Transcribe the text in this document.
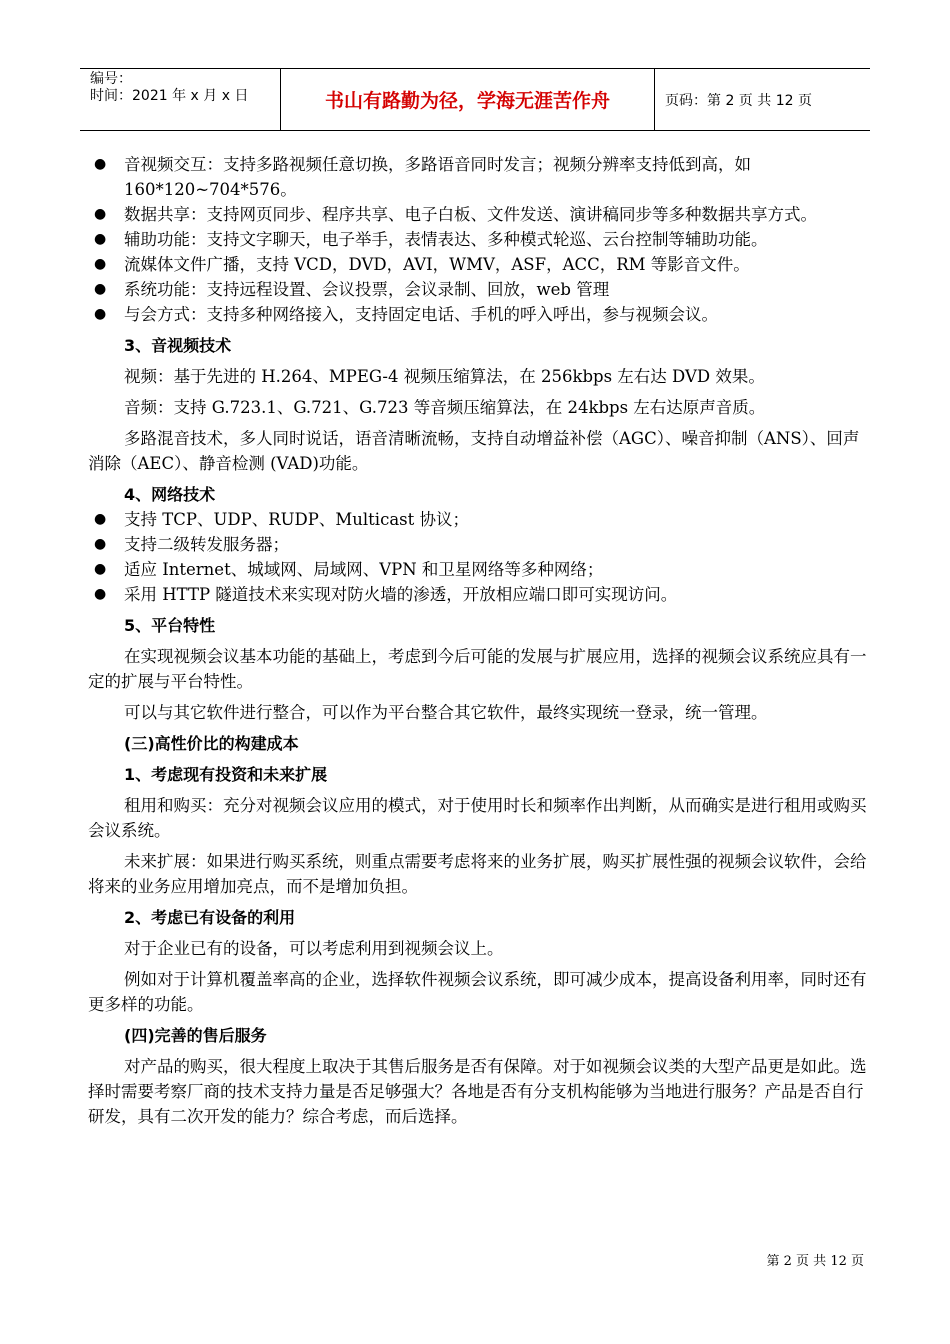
编号：
时间：2021 年 x 月 x 日	书山有路勤为径，学海无涯苦作舟	页码：第 2 页 共 12 页
● 音视频交互：支持多路视频任意切换，多路语音同时发言；视频分辨率支持低到高，如160*120~704*576。
● 数据共享：支持网页同步、程序共享、电子白板、文件发送、演讲稿同步等多种数据共享方式。
● 辅助功能：支持文字聊天，电子举手，表情表达、多种模式轮巡、云台控制等辅助功能。
● 流媒体文件广播，支持 VCD，DVD，AVI，WMV，ASF，ACC，RM 等影音文件。
● 系统功能：支持远程设置、会议投票，会议录制、回放，web 管理
● 与会方式：支持多种网络接入，支持固定电话、手机的呼入呼出，参与视频会议。
3、音视频技术

视频：基于先进的 H.264、MPEG-4 视频压缩算法，在 256kbps 左右达 DVD 效果。

音频：支持 G.723.1、G.721、G.723 等音频压缩算法，在 24kbps 左右达原声音质。

多路混音技术，多人同时说话，语音清晰流畅，支持自动增益补偿（AGC）、噪音抑制（ANS）、回声消除（AEC）、静音检测 (VAD)功能。

4、网络技术
● 支持 TCP、UDP、RUDP、Multicast 协议；
● 支持二级转发服务器；
● 适应 Internet、城域网、局域网、VPN 和卫星网络等多种网络；
● 采用 HTTP 隧道技术来实现对防火墙的渗透，开放相应端口即可实现访问。
5、平台特性

在实现视频会议基本功能的基础上，考虑到今后可能的发展与扩展应用，选择的视频会议系统应具有一定的扩展与平台特性。

可以与其它软件进行整合，可以作为平台整合其它软件，最终实现统一登录，统一管理。

(三)高性价比的构建成本
1、考虑现有投资和未来扩展

租用和购买：充分对视频会议应用的模式，对于使用时长和频率作出判断，从而确实是进行租用或购买会议系统。

未来扩展：如果进行购买系统，则重点需要考虑将来的业务扩展，购买扩展性强的视频会议软件，会给将来的业务应用增加亮点，而不是增加负担。

2、考虑已有设备的利用

对于企业已有的设备，可以考虑利用到视频会议上。

例如对于计算机覆盖率高的企业，选择软件视频会议系统，即可减少成本，提高设备利用率，同时还有更多样的功能。

(四)完善的售后服务

对产品的购买，很大程度上取决于其售后服务是否有保障。对于如视频会议类的大型产品更是如此。选择时需要考察厂商的技术支持力量是否足够强大？各地是否有分支机构能够为当地进行服务？产品是否自行研发，具有二次开发的能力？综合考虑，而后选择。

第 2 页 共 12 页
